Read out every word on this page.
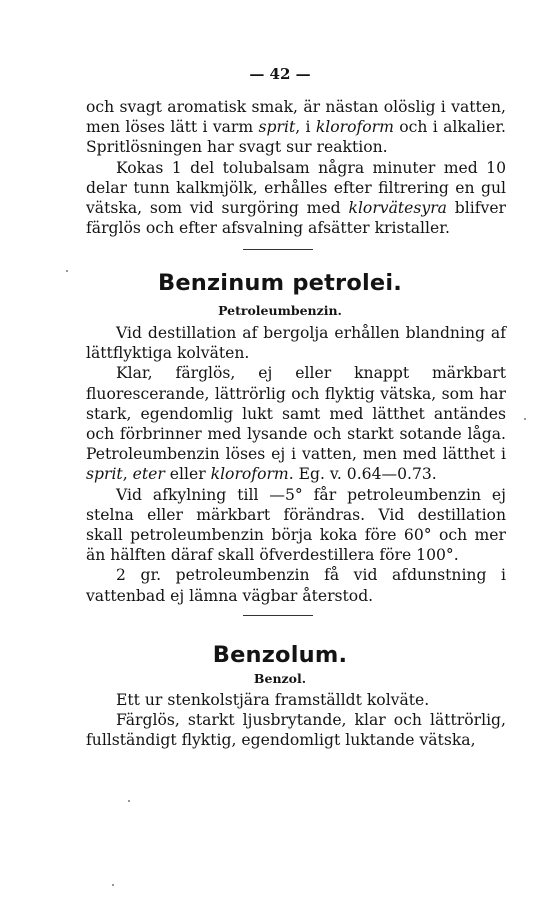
— 42 —

och svagt aromatisk smak, är nästan olöslig i vatten, men löses lätt i varm sprit, i kloroform och i alkalier. Spritlösningen har svagt sur reaktion.

Kokas 1 del tolubalsam några minuter med 10 delar tunn kalkmjölk, erhålles efter filtrering en gul vätska, som vid surgöring med klorvätesyra blifver färglös och efter afsvalning afsätter kristaller.

Benzinum petrolei.
Petroleumbenzin.

Vid destillation af bergolja erhållen blandning af lättflyktiga kolväten.

Klar, färglös, ej eller knappt märkbart fluorescerande, lättrörlig och flyktig vätska, som har stark, egendomlig lukt samt med lätthet antändes och förbrinner med lysande och starkt sotande låga. Petroleumbenzin löses ej i vatten, men med lätthet i sprit, eter eller kloroform. Eg. v. 0.64—0.73.

Vid afkylning till —5° får petroleumbenzin ej stelna eller märkbart förändras. Vid destillation skall petroleumbenzin börja koka före 60° och mer än hälften däraf skall öfverdestillera före 100°.

2 gr. petroleumbenzin få vid afdunstning i vattenbad ej lämna vägbar återstod.

Benzolum.
Benzol.

Ett ur stenkolstjära framställdt kolväte.

Färglös, starkt ljusbrytande, klar och lättrörlig, fullständigt flyktig, egendomligt luktande vätska,
